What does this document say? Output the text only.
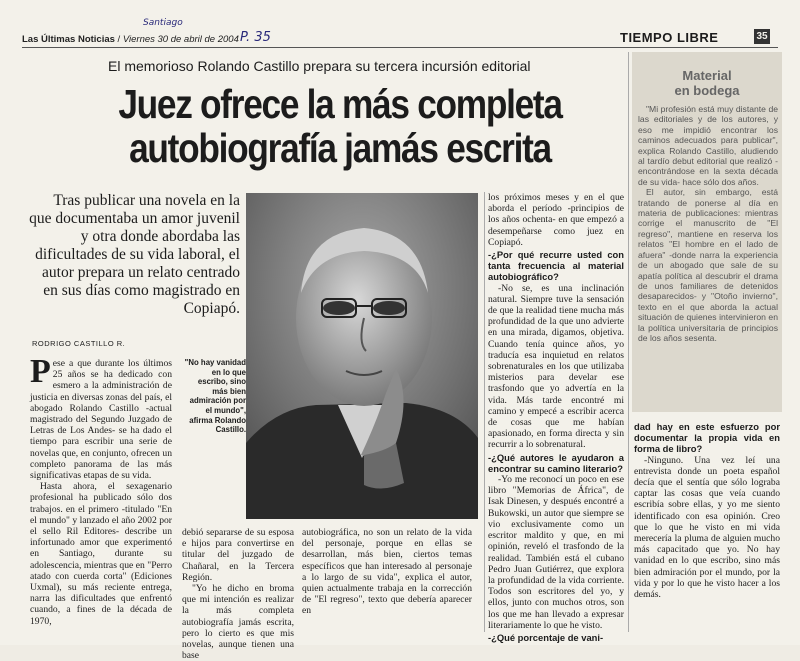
Las Últimas Noticias / Viernes 30 de abril de 2004
Santiago
P. 35	TIEMPO LIBRE	35
El memorioso Rolando Castillo prepara su tercera incursión editorial
Juez ofrece la más completa
autobiografía jamás escrita
Tras publicar una novela en la que documentaba un amor juvenil y otra donde abordaba las dificultades de su vida laboral, el autor prepara un relato centrado en sus días como magistrado en Copiapó.
RODRIGO CASTILLO R.

Pese a que durante los últimos 25 años se ha dedicado con esmero a la administración de justicia en diversas zonas del país, el abogado Rolando Castillo -actual magistrado del Segundo Juzgado de Letras de Los Andes- se ha dado el tiempo para escribir una serie de novelas que, en conjunto, ofrecen un completo panorama de las más significativas etapas de su vida.

Hasta ahora, el sexagenario profesional ha publicado sólo dos trabajos. en el primero -titulado "En el mundo" y lanzado el año 2002 por el sello Ril Editores- describe un infortunado amor que experimentó en Santiago, durante su adolescencia, mientras que en "Perro atado con cuerda corta" (Ediciones Uxmal), su más reciente entrega, narra las dificultades que enfrentó cuando, a fines de la década de 1970,

"No hay vanidad en lo que escribo, sino más bien admiración por el mundo", afirma Rolando Castillo.

debió separarse de su esposa e hijos para convertirse en titular del juzgado de Chañaral, en la Tercera Región.

"Yo he dicho en broma que mi intención es realizar la más completa autobiografía jamás escrita, pero lo cierto es que mis novelas, aunque tienen una base

autobiográfica, no son un relato de la vida del personaje, porque en ellas se desarrollan, más bien, ciertos temas específicos que han interesado al personaje a lo largo de su vida", explica el autor, quien actualmente trabaja en la corrección de "El regreso", texto que debería aparecer en

los próximos meses y en el que aborda el período -principios de los años ochenta- en que empezó a desempeñarse como juez en Copiapó.

-¿Por qué recurre usted con tanta frecuencia al material autobiográfico?

-No se, es una inclinación natural. Siempre tuve la sensación de que la realidad tiene mucha más profundidad de la que uno advierte en una mirada, digamos, objetiva. Cuando tenía quince años, yo traducía esa inquietud en relatos sobrenaturales en los que utilizaba misterios para develar ese trasfondo que yo advertía en la vida. Más tarde encontré mi camino y empecé a escribir acerca de cosas que me habían apasionado, en forma directa y sin recurrir a lo sobrenatural.

-¿Qué autores le ayudaron a encontrar su camino literario?

-Yo me reconocí un poco en ese libro "Memorias de África", de Isak Dinesen, y después encontré a Bukowski, un autor que siempre se vio exclusivamente como un escritor maldito y que, en mi opinión, reveló el trasfondo de la realidad. También está el cubano Pedro Juan Gutiérrez, que explora la profundidad de la vida corriente. Todos son escritores del yo, y ellos, junto con muchos otros, son los que me han llevado a expresar literariamente lo que he visto.

-¿Qué porcentaje de vani-

Material
en bodega

"Mi profesión está muy distante de las editoriales y de los autores, y eso me impidió encontrar los caminos adecuados para publicar", explica Rolando Castillo, aludiendo al tardío debut editorial que realizó -encontrándose en la sexta década de su vida- hace sólo dos años.

El autor, sin embargo, está tratando de ponerse al día en materia de publicaciones: mientras corrige el manuscrito de "El regreso", mantiene en reserva los relatos "El hombre en el lado de afuera" -donde narra la experiencia de un abogado que sale de su apatía política al descubrir el drama de unos familiares de detenidos desaparecidos- y "Otoño invierno", texto en el que aborda la actual situación de quienes intervinieron en la política universitaria de principios de los años sesenta.

dad hay en este esfuerzo por documentar la propia vida en forma de libro?

-Ninguno. Una vez leí una entrevista donde un poeta español decía que el sentía que sólo lograba captar las cosas que veía cuando escribía sobre ellas, y yo me siento identificado con esa opinión. Creo que lo que he visto en mi vida merecería la pluma de alguien mucho más capacitado que yo. No hay vanidad en lo que escribo, sino más bien admiración por el mundo, por la vida y por lo que he visto hacer a los demás.
